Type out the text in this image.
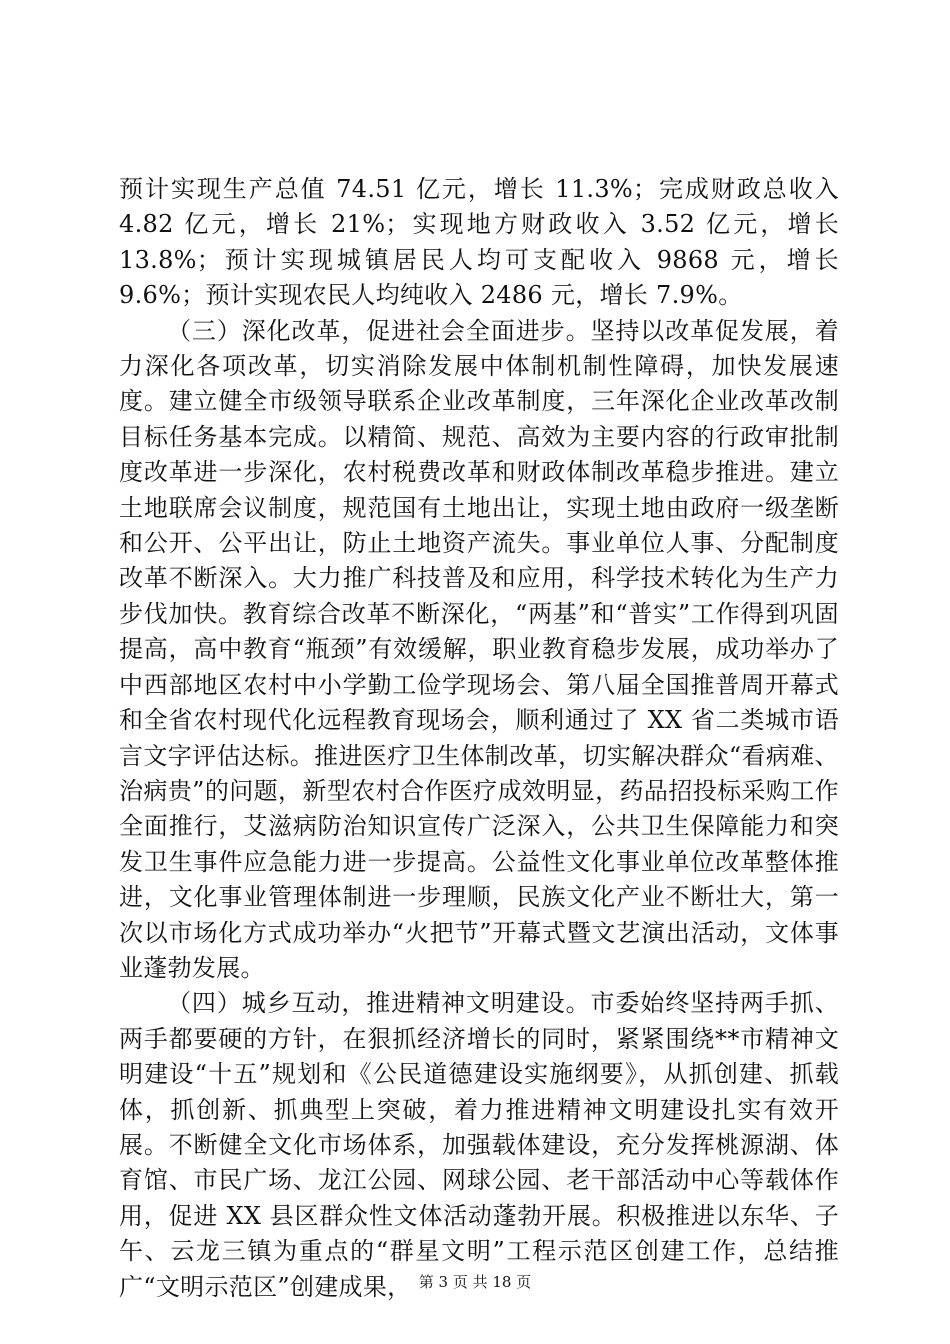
预计实现生产总值 74.51 亿元，增长 11.3%；完成财政总收入 4.82 亿元，增长 21%；实现地方财政收入 3.52 亿元，增长 13.8%；预计实现城镇居民人均可支配收入 9868 元，增长 9.6%；预计实现农民人均纯收入 2486 元，增长 7.9%。

（三）深化改革，促进社会全面进步。坚持以改革促发展，着力深化各项改革，切实消除发展中体制机制性障碍，加快发展速度。建立健全市级领导联系企业改革制度，三年深化企业改革改制目标任务基本完成。以精简、规范、高效为主要内容的行政审批制度改革进一步深化，农村税费改革和财政体制改革稳步推进。建立土地联席会议制度，规范国有土地出让，实现土地由政府一级垄断和公开、公平出让，防止土地资产流失。事业单位人事、分配制度改革不断深入。大力推广科技普及和应用，科学技术转化为生产力步伐加快。教育综合改革不断深化，“两基”和“普实”工作得到巩固提高，高中教育“瓶颈”有效缓解，职业教育稳步发展，成功举办了中西部地区农村中小学勤工俭学现场会、第八届全国推普周开幕式和全省农村现代化远程教育现场会，顺利通过了 XX 省二类城市语言文字评估达标。推进医疗卫生体制改革，切实解决群众“看病难、治病贵”的问题，新型农村合作医疗成效明显，药品招投标采购工作全面推行，艾滋病防治知识宣传广泛深入，公共卫生保障能力和突发卫生事件应急能力进一步提高。公益性文化事业单位改革整体推进，文化事业管理体制进一步理顺，民族文化产业不断壮大，第一次以市场化方式成功举办“火把节”开幕式暨文艺演出活动，文体事业蓬勃发展。

（四）城乡互动，推进精神文明建设。市委始终坚持两手抓、两手都要硬的方针，在狠抓经济增长的同时，紧紧围绕**市精神文明建设“十五”规划和《公民道德建设实施纲要》，从抓创建、抓载体，抓创新、抓典型上突破，着力推进精神文明建设扎实有效开展。不断健全文化市场体系，加强载体建设，充分发挥桃源湖、体育馆、市民广场、龙江公园、网球公园、老干部活动中心等载体作用，促进 XX 县区群众性文体活动蓬勃开展。积极推进以东华、子午、云龙三镇为重点的“群星文明”工程示范区创建工作，总结推广“文明示范区”创建成果， 第 3 页 共 18 页
